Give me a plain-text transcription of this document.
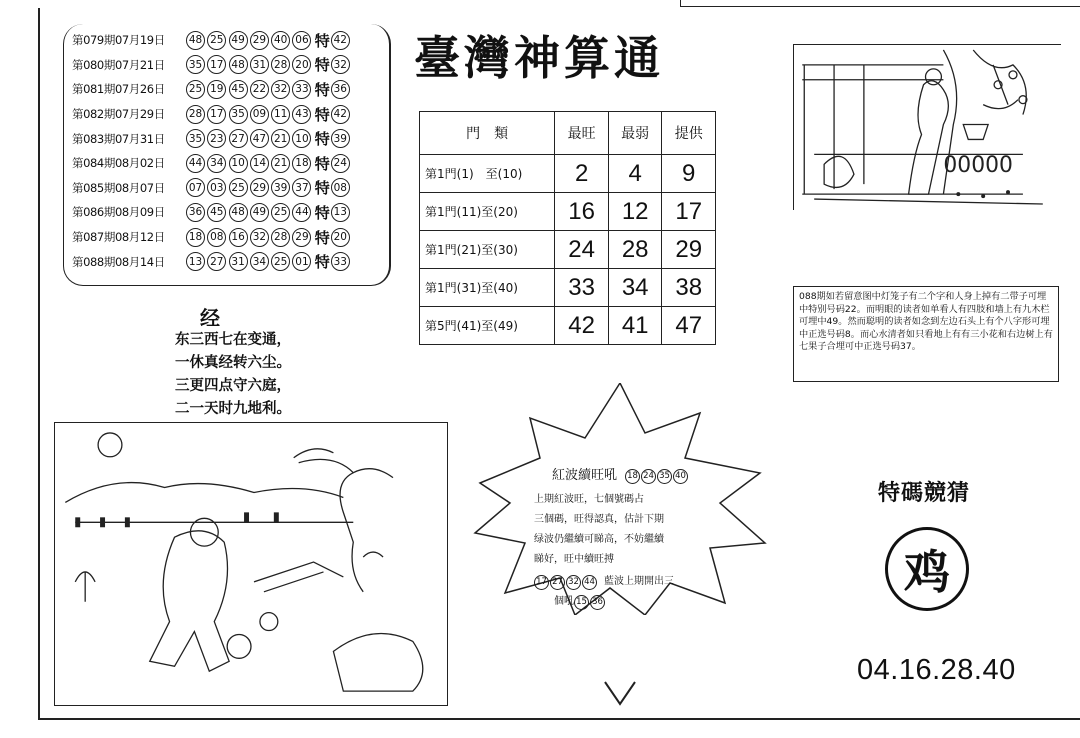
第079期07月19日	48 25 49 29 40 06 特 42
第080期07月21日	35 17 48 31 28 20 特 32
第081期07月26日	25 19 45 22 32 33 特 36
第082期07月29日	28 17 35 09 11 43 特 42
第083期07月31日	35 23 27 47 21 10 特 39
第084期08月02日	44 34 10 14 21 18 特 24
第085期08月07日	07 03 25 29 39 37 特 08
第086期08月09日	36 45 48 49 25 44 特 13
第087期08月12日	18 08 16 32 28 29 特 20
第088期08月14日	13 27 31 34 25 01 特 33
臺灣神算通
門　類	最旺	最弱	提供
第1門(1)　至(10)	2	4	9
第1門(11)至(20)	16	12	17
第1門(21)至(30)	24	28	29
第1門(31)至(40)	33	34	38
第5門(41)至(49)	42	41	47
经
东三西七在变通，
一休真经转六尘。
三更四点守六庭，
二一天时九地利。
00000
088期如若留意图中灯笼子有二个字和人身上掉有二带子可埋中特别号码22。而明眼的读者如单看人有四肢和墙上有九木栏可埋中49。然而聪明的读者如念到左边石头上有个八字形可埋中正选号码8。而心水清者如只看地上有有三小花和右边树上有七果子合埋可中正选号码37。
紅波續旺吼 18 24 35 40
上期紅波旺，七個號碼占
三個碼，旺得認真，估計下期
绿波仍繼續可睇高，不妨繼續
睇好，旺中續旺搏
17 27 32 44 藍波上期開出三
個吼 15 36
特碼競猜
鸡
04.16.28.40
